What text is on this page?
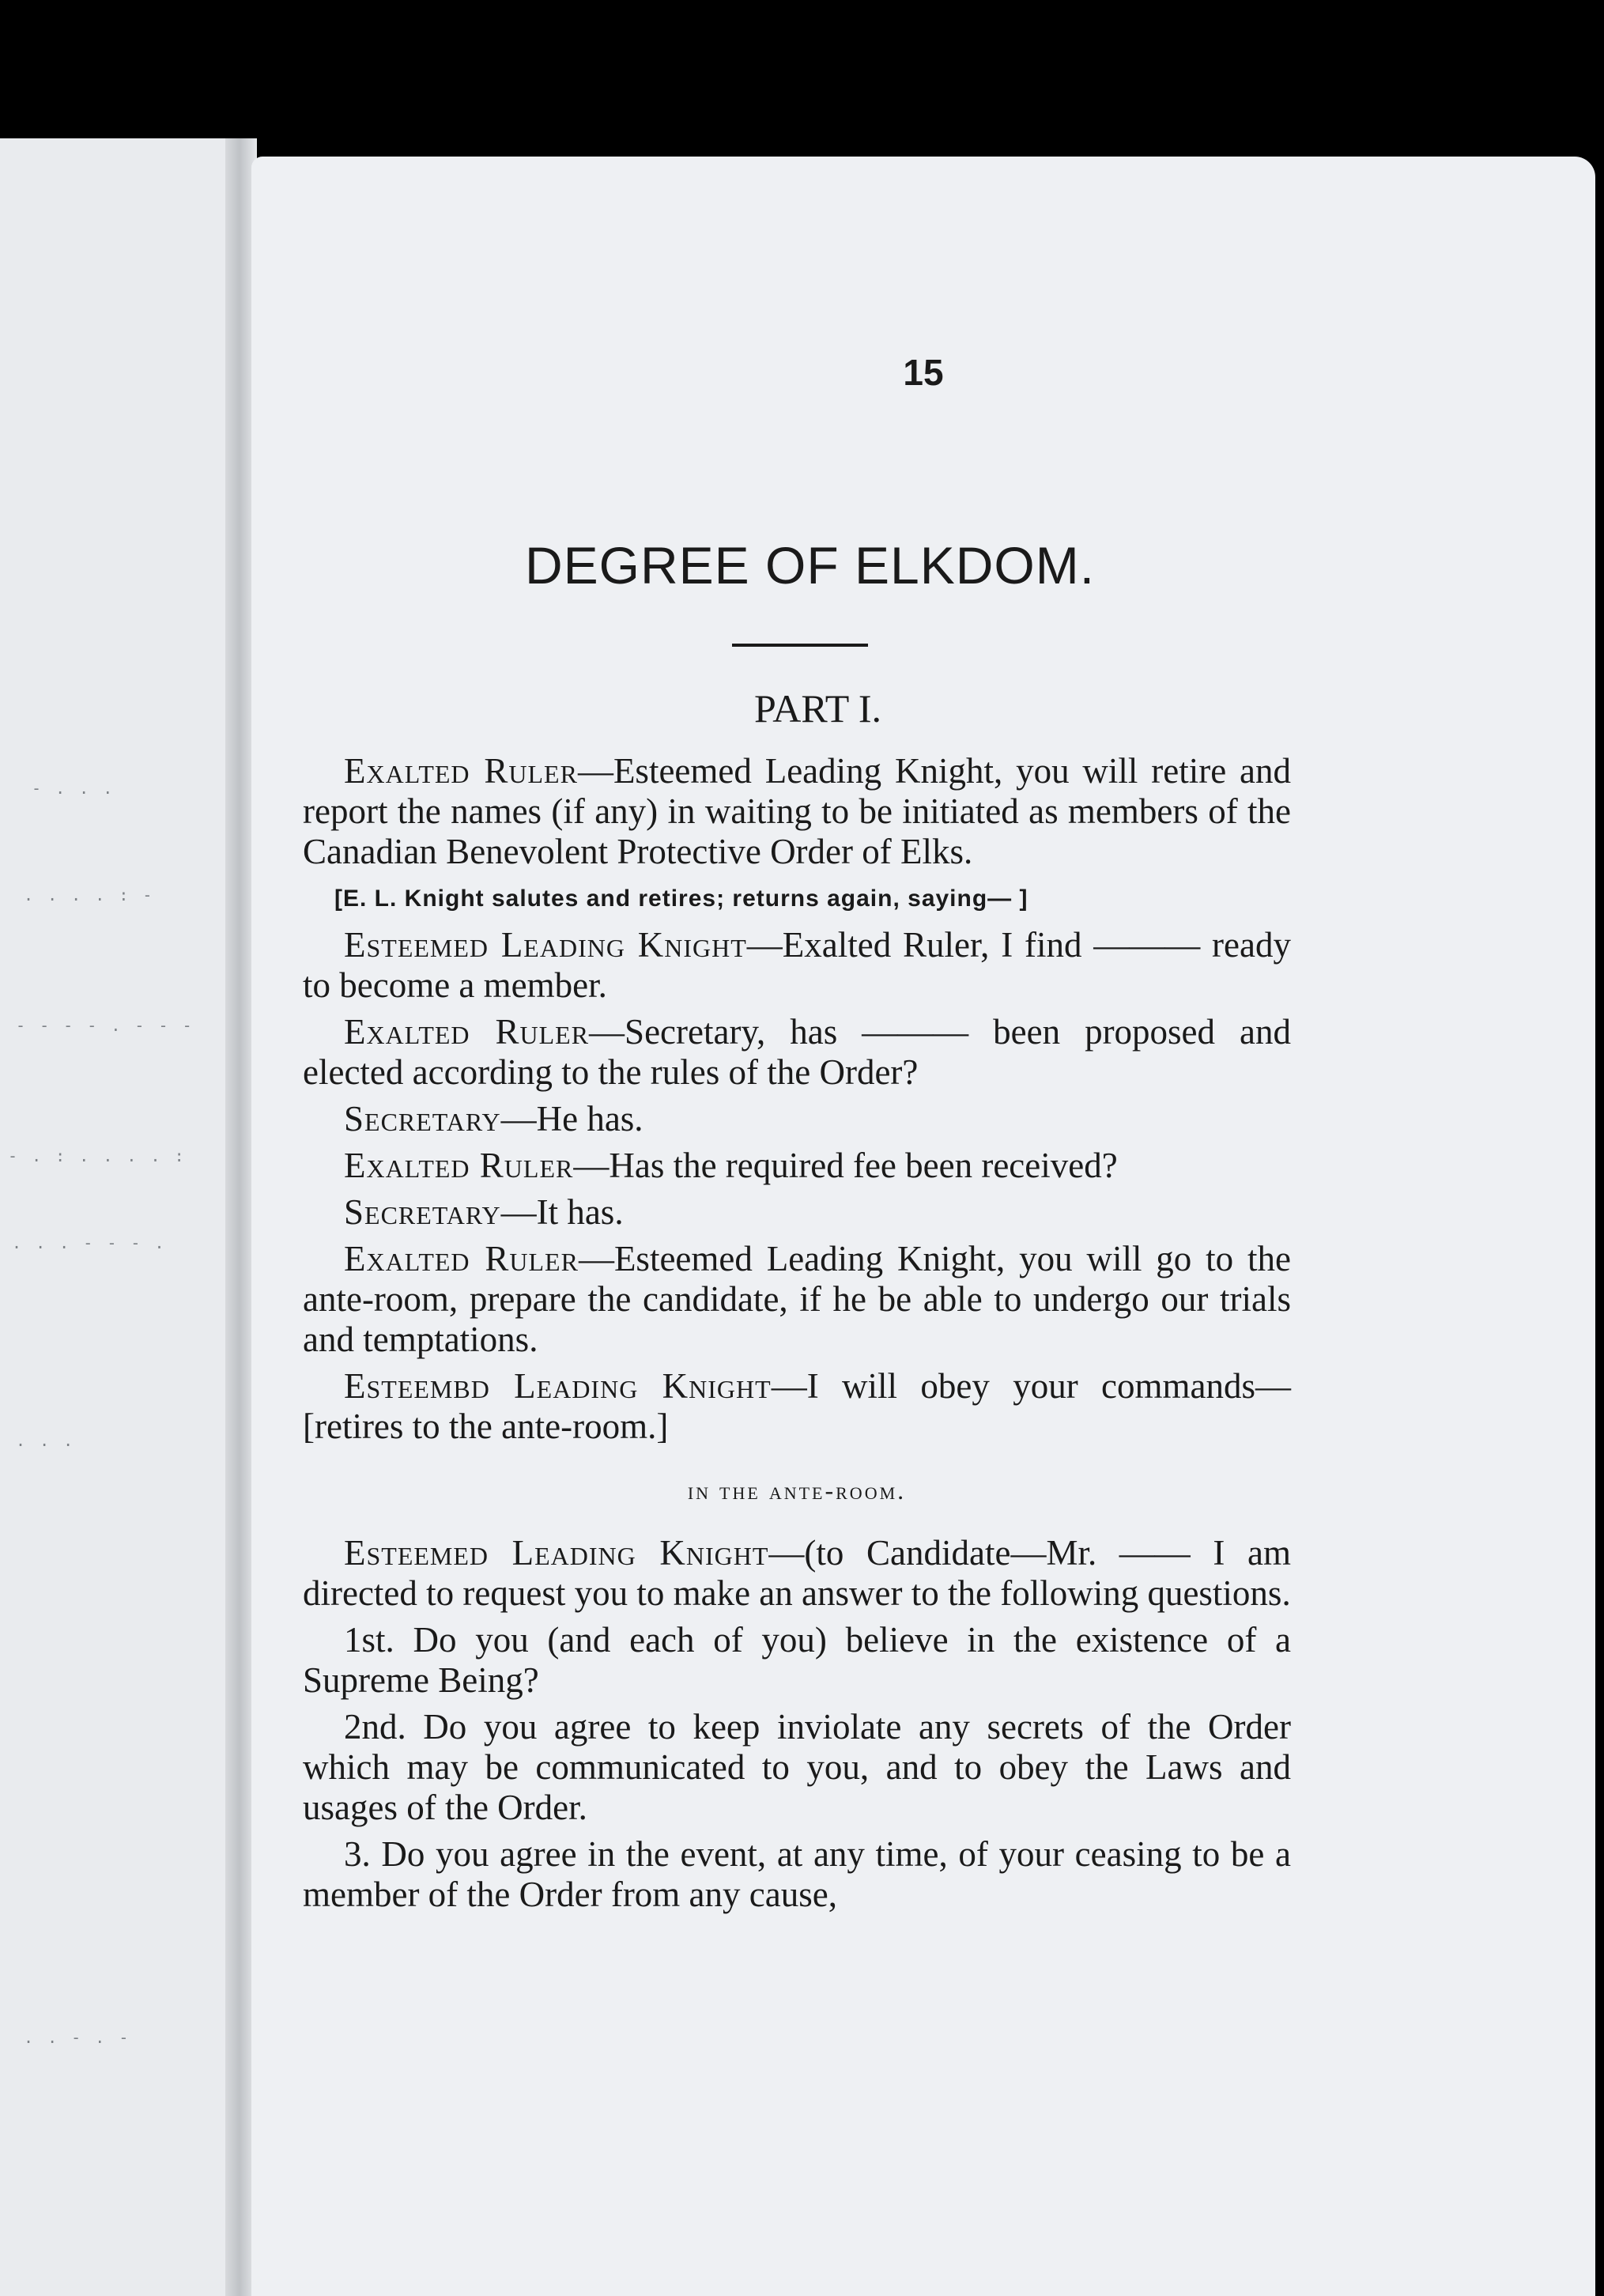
- . . .
. . . . : -
- - - - . - - -
- . : . . . . :
. . . - - - .
. . .
. . - . -
15
DEGREE OF ELKDOM.
PART I.

Exalted Ruler—Esteemed Leading Knight, you will retire and report the names (if any) in waiting to be initiated as members of the Canadian Benevolent Protective Order of Elks.

[E. L. Knight salutes and retires; returns again, saying— ]

Esteemed Leading Knight—Exalted Ruler, I find ——— ready to become a member.

Exalted Ruler—Secretary, has ——— been proposed and elected according to the rules of the Order?

Secretary—He has.

Exalted Ruler—Has the required fee been received?

Secretary—It has.

Exalted Ruler—Esteemed Leading Knight, you will go to the ante-room, prepare the candidate, if he be able to undergo our trials and temptations.

Esteembd Leading Knight—I will obey your commands—[retires to the ante-room.]

in the ante-room.

Esteemed Leading Knight—(to Candidate—Mr. —— I am directed to request you to make an answer to the following questions.

1st. Do you (and each of you) believe in the existence of a Supreme Being?

2nd. Do you agree to keep inviolate any secrets of the Order which may be communicated to you, and to obey the Laws and usages of the Order.

3. Do you agree in the event, at any time, of your ceasing to be a member of the Order from any cause,
